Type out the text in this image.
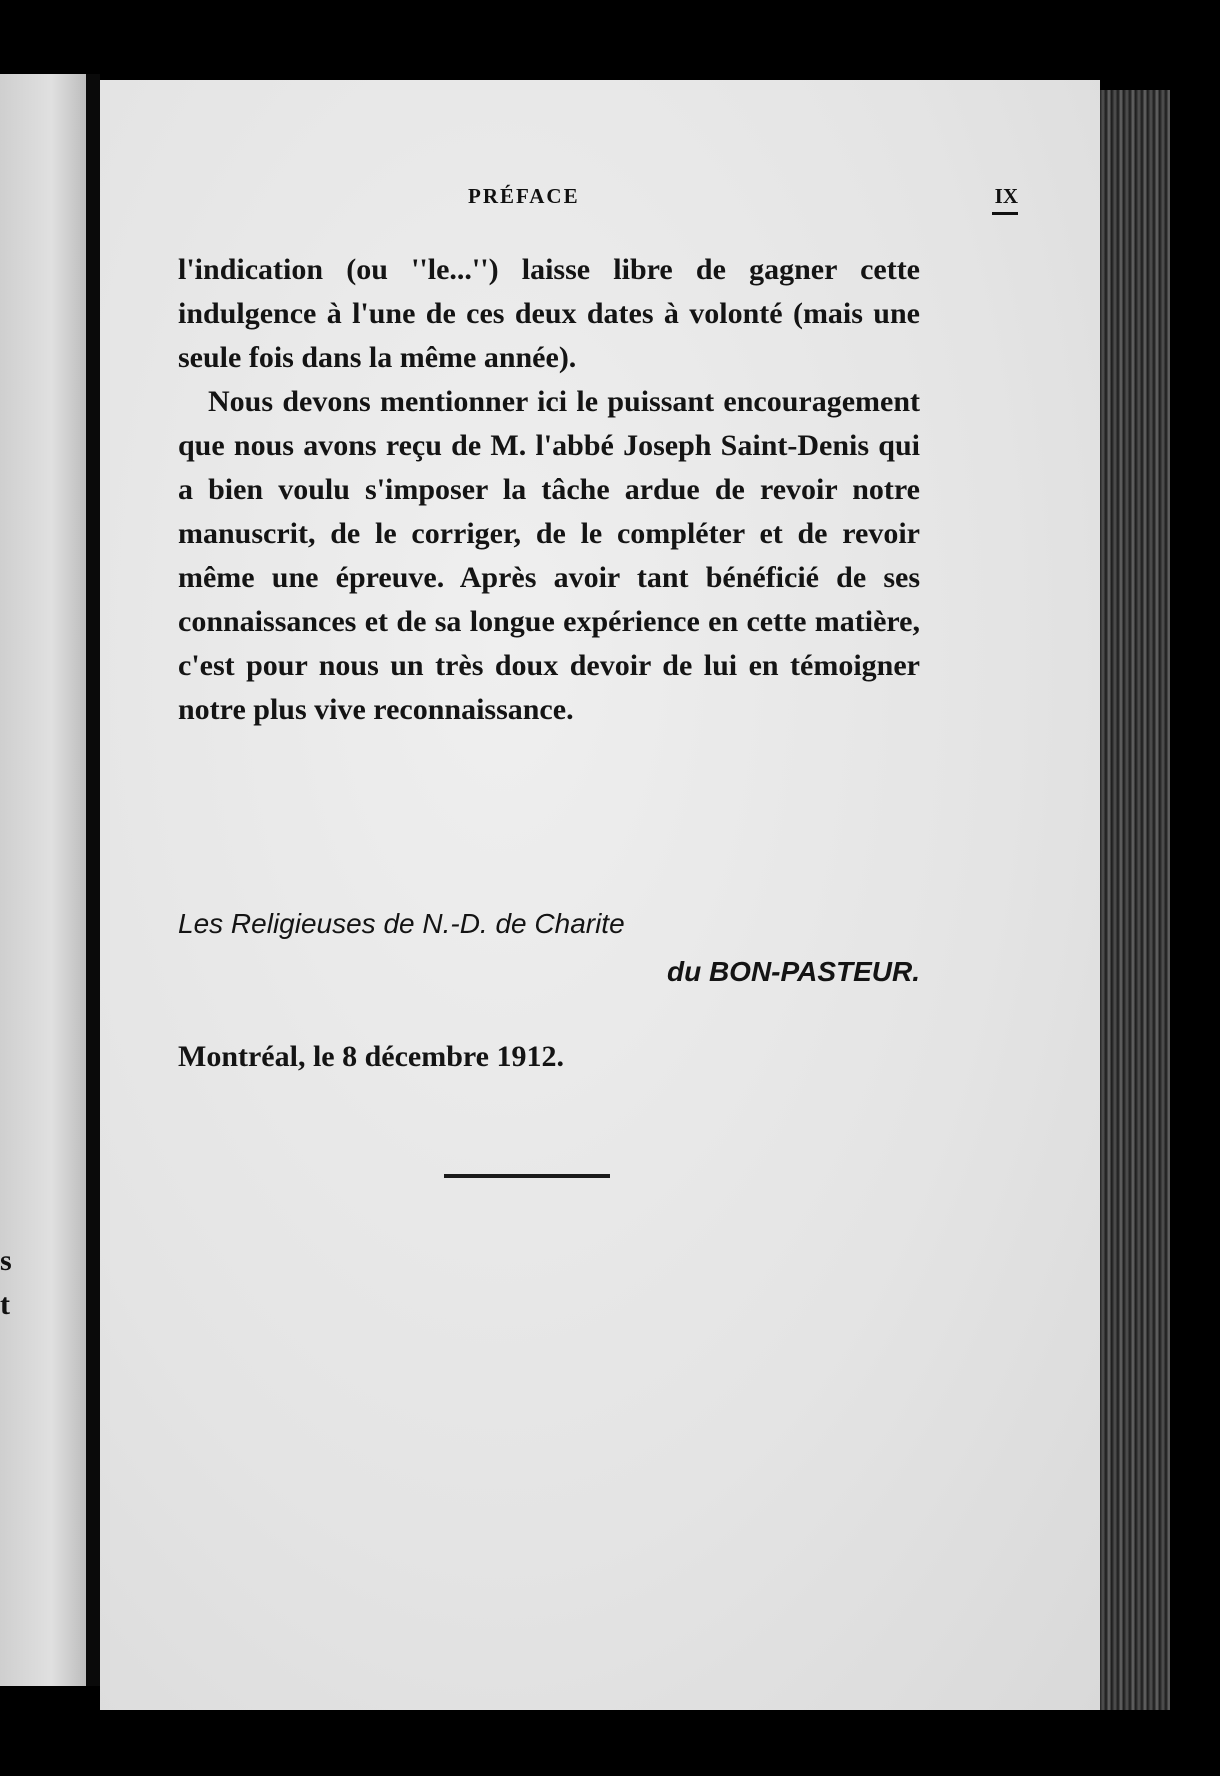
s
t
PRÉFACE	IX

l'indication (ou ''le...'') laisse libre de gagner cette indulgence à l'une de ces deux dates à volonté (mais une seule fois dans la même année).

Nous devons mentionner ici le puissant encouragement que nous avons reçu de M. l'abbé Joseph Saint-Denis qui a bien voulu s'imposer la tâche ardue de revoir notre manuscrit, de le corriger, de le compléter et de revoir même une épreuve. Après avoir tant bénéficié de ses connaissances et de sa longue expérience en cette matière, c'est pour nous un très doux devoir de lui en témoigner notre plus vive reconnaissance.

Les Religieuses de N.-D. de Charite
du BON-PASTEUR.
Montréal, le 8 décembre 1912.
